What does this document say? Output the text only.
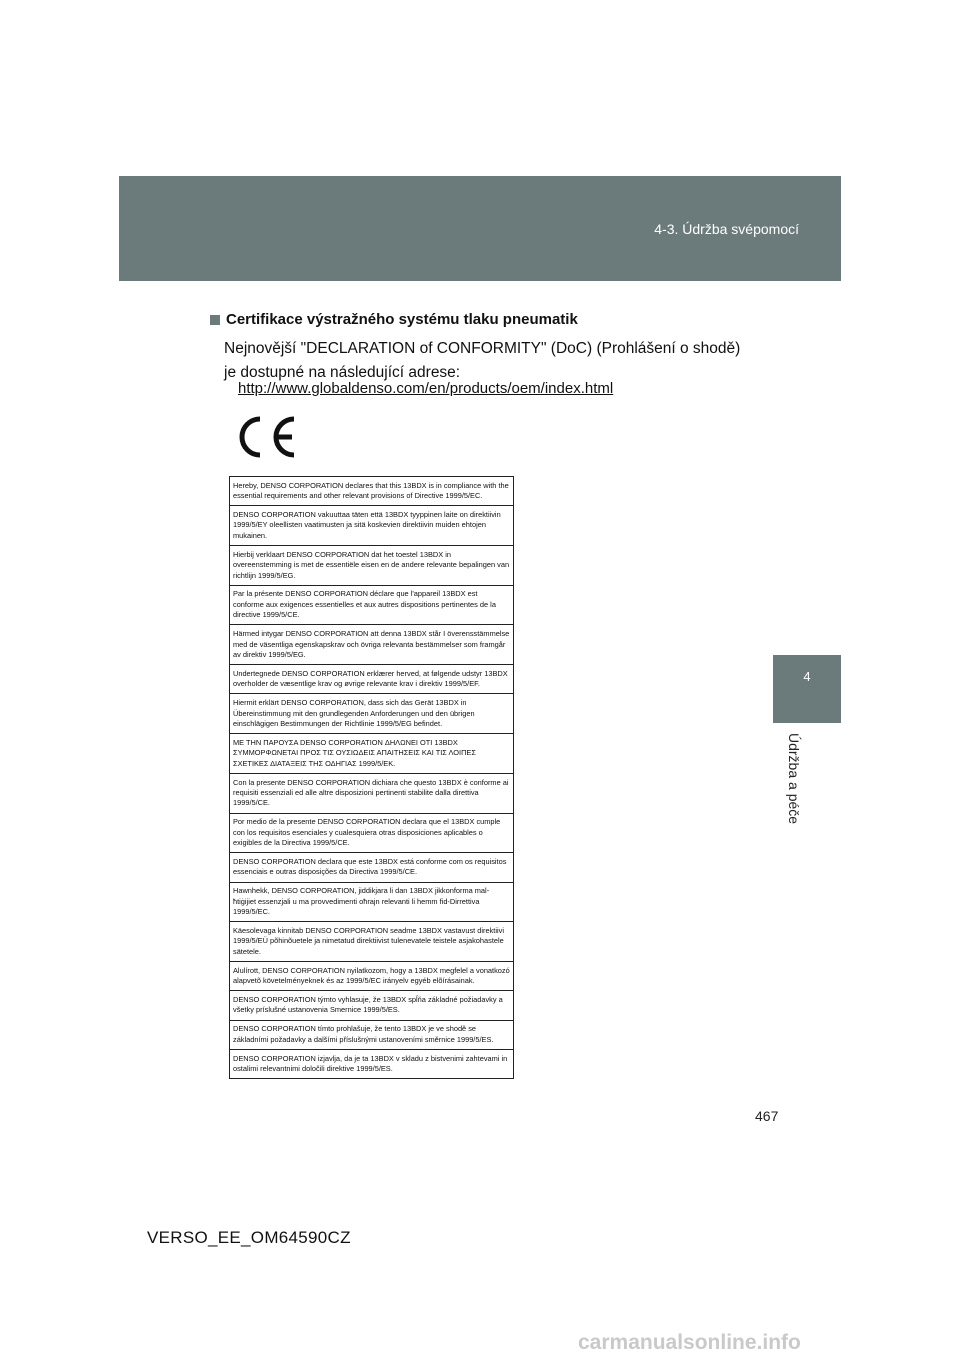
4-3. Údržba svépomocí
4
Údržba a péče
Certifikace výstražného systému tlaku pneumatik
Nejnovější "DECLARATION of CONFORMITY" (DoC) (Prohlášení o shodě) je dostupné na následující adrese:
http://www.globaldenso.com/en/products/oem/index.html
Hereby, DENSO CORPORATION declares that this 13BDX is in compliance with the essential requirements and other relevant provisions of Directive 1999/5/EC.
DENSO CORPORATION vakuuttaa täten että 13BDX tyyppinen laite on direktiivin 1999/5/EY oleellisten vaatimusten ja sitä koskevien direktiivin muiden ehtojen mukainen.
Hierbij verklaart DENSO CORPORATION dat het toestel 13BDX in overeenstemming is met de essentiële eisen en de andere relevante bepalingen van richtlijn 1999/5/EG.
Par la présente DENSO CORPORATION déclare que l'appareil 13BDX est conforme aux exigences essentielles et aux autres dispositions pertinentes de la directive 1999/5/CE.
Härmed intygar DENSO CORPORATION att denna 13BDX står I överensstämmelse med de väsentliga egenskapskrav och övriga relevanta bestämmelser som framgår av direktiv 1999/5/EG.
Undertegnede DENSO CORPORATION erklærer herved, at følgende udstyr 13BDX overholder de væsentlige krav og øvrige relevante krav i direktiv 1999/5/EF.
Hiermit erklärt DENSO CORPORATION, dass sich das Gerät 13BDX in Übereinstimmung mit den grundlegenden Anforderungen und den übrigen einschlägigen Bestimmungen der Richtlinie 1999/5/EG befindet.
ΜΕ ΤΗΝ ΠΑΡΟΥΣΑ DENSO CORPORATION ΔΗΛΩΝΕΙ ΟΤΙ 13BDX ΣΥΜΜΟΡΦΩΝΕΤΑΙ ΠΡΟΣ ΤΙΣ ΟΥΣΙΩΔΕΙΣ ΑΠΑΙΤΗΣΕΙΣ ΚΑΙ ΤΙΣ ΛΟΙΠΕΣ ΣΧΕΤΙΚΕΣ ΔΙΑΤΑΞΕΙΣ ΤΗΣ ΟΔΗΓΙΑΣ 1999/5/ΕΚ.
Con la presente DENSO CORPORATION dichiara che questo 13BDX è conforme ai requisiti essenziali ed alle altre disposizioni pertinenti stabilite dalla direttiva 1999/5/CE.
Por medio de la presente DENSO CORPORATION declara que el 13BDX cumple con los requisitos esenciales y cualesquiera otras disposiciones aplicables o exigibles de la Directiva 1999/5/CE.
DENSO CORPORATION declara que este 13BDX está conforme com os requisitos essenciais e outras disposições da Directiva 1999/5/CE.
Hawnhekk, DENSO CORPORATION, jiddikjara li dan 13BDX jikkonforma mal-ħtiġijiet essenzjali u ma provvedimenti oħrajn relevanti li hemm fid-Dirrettiva 1999/5/EC.
Käesolevaga kinnitab DENSO CORPORATION seadme 13BDX vastavust direktiivi 1999/5/EÜ põhinõuetele ja nimetatud direktiivist tulenevatele teistele asjakohastele sätetele.
Alulírott, DENSO CORPORATION nyilatkozom, hogy a 13BDX megfelel a vonatkozó alapvetõ követelményeknek és az 1999/5/EC irányelv egyéb elõírásainak.
DENSO CORPORATION týmto vyhlasuje, že 13BDX spĺňa základné požiadavky a všetky príslušné ustanovenia Smernice 1999/5/ES.
DENSO CORPORATION tímto prohlašuje, že tento 13BDX je ve shodě se základními požadavky a dalšími příslušnými ustanoveními směrnice 1999/5/ES.
DENSO CORPORATION izjavlja, da je ta 13BDX v skladu z bistvenimi zahtevami in ostalimi relevantnimi določili direktive 1999/5/ES.
467
VERSO_EE_OM64590CZ
carmanualsonline.info
